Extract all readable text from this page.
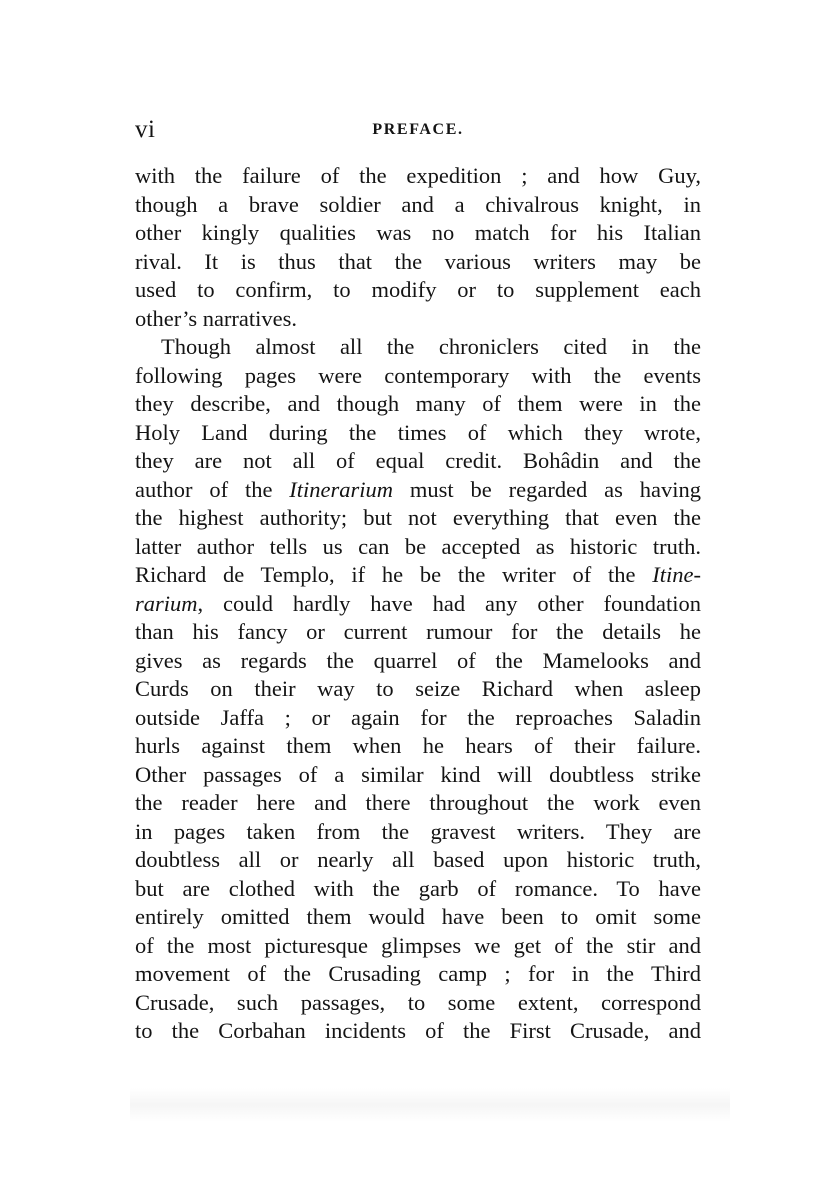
vi	PREFACE.
with the failure of the expedition ; and how Guy,
though a brave soldier and a chivalrous knight, in
other kingly qualities was no match for his Italian
rival. It is thus that the various writers may be
used to confirm, to modify or to supplement each
other’s narratives.
Though almost all the chroniclers cited in the
following pages were contemporary with the events
they describe, and though many of them were in the
Holy Land during the times of which they wrote,
they are not all of equal credit. Bohâdin and the
author of the Itinerarium must be regarded as having
the highest authority; but not everything that even the
latter author tells us can be accepted as historic truth.
Richard de Templo, if he be the writer of the Itine-
rarium, could hardly have had any other foundation
than his fancy or current rumour for the details he
gives as regards the quarrel of the Mamelooks and
Curds on their way to seize Richard when asleep
outside Jaffa ; or again for the reproaches Saladin
hurls against them when he hears of their failure.
Other passages of a similar kind will doubtless strike
the reader here and there throughout the work even
in pages taken from the gravest writers. They are
doubtless all or nearly all based upon historic truth,
but are clothed with the garb of romance. To have
entirely omitted them would have been to omit some
of the most picturesque glimpses we get of the stir and
movement of the Crusading camp ; for in the Third
Crusade, such passages, to some extent, correspond
to the Corbahan incidents of the First Crusade, and
